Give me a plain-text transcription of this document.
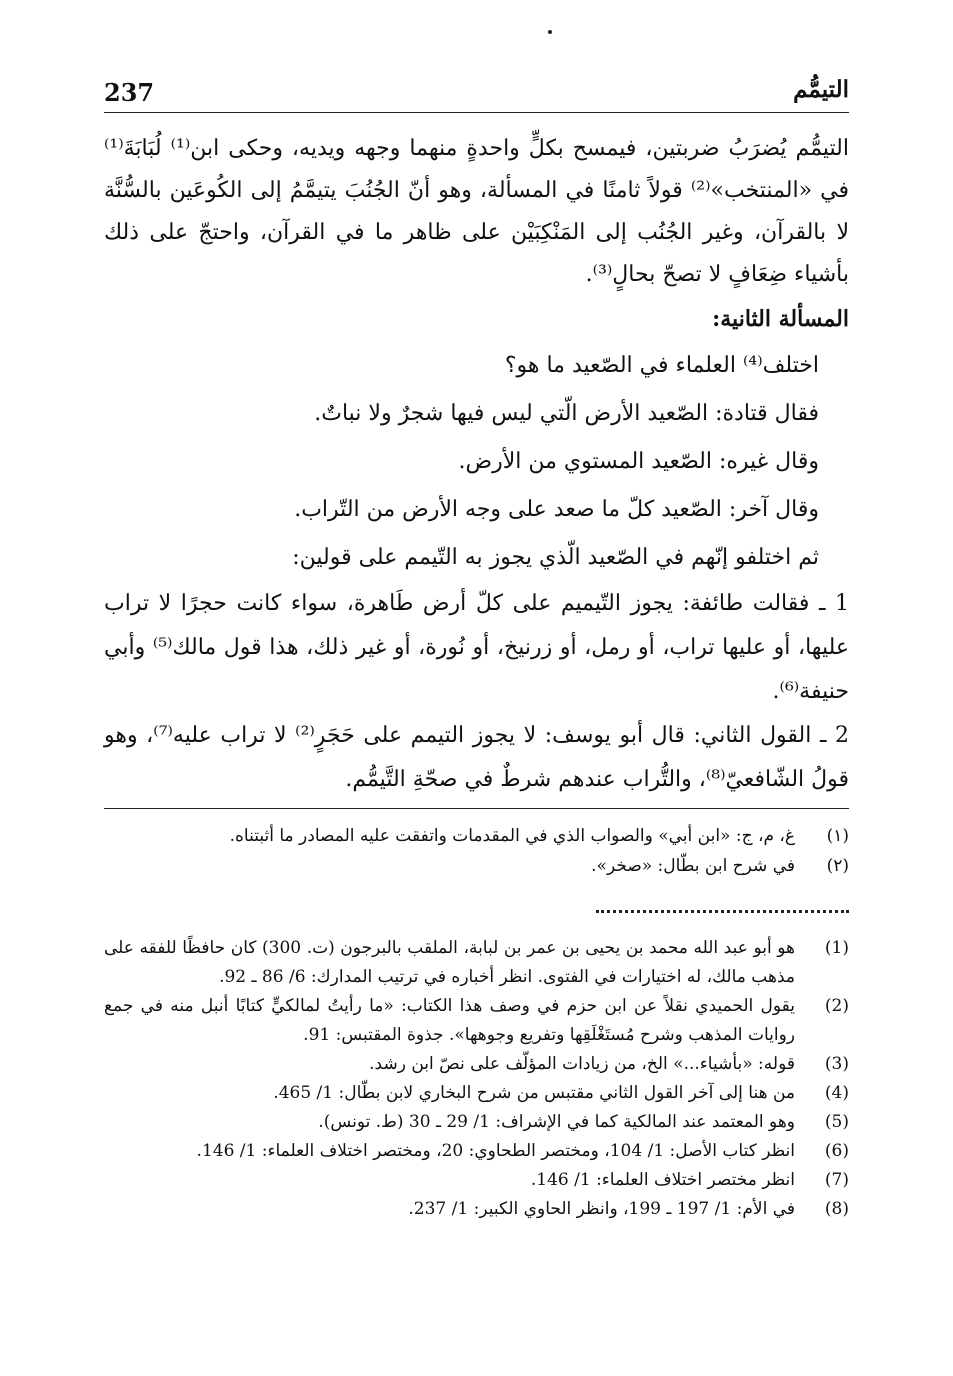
237	التيمُّم

التيمُّم يُضرَبُ ضربتين، فيمسح بكلٍّ واحدةٍ منهما وجهه ويديه، وحكى ابن⁽¹⁾ لُبَابَةَ⁽¹⁾ في «المنتخب»⁽²⁾ قولاً ثامنًا في المسألة، وهو أنّ الجُنُبَ يتيمَّمُ إلى الكُوعَين بالسُّنَّة لا بالقرآن، وغير الجُنُب إلى المَنْكِبَيْن على ظاهر ما في القرآن، واحتجّ على ذلك بأشياء ضِعَافٍ لا تصحّ بحالٍ⁽³⁾.

المسألة الثانية:

اختلف⁽⁴⁾ العلماء في الصّعيد ما هو؟

فقال قتادة: الصّعيد الأرض الّتي ليس فيها شجرٌ ولا نباتٌ.

وقال غيره: الصّعيد المستوي من الأرض.

وقال آخر: الصّعيد كلّ ما صعد على وجه الأرض من التّراب.

ثم اختلفو إنّهم في الصّعيد الّذي يجوز به التّيمم على قولين:

1 ـ فقالت طائفة: يجوز التّيميم على كلّ أرض طَاهرة، سواء كانت حجرًا لا تراب عليها، أو عليها تراب، أو رمل، أو زرنيخ، أو نُورة، أو غير ذلك، هذا قول مالك⁽⁵⁾ وأبي حنيفة⁽⁶⁾.

2 ـ القول الثاني: قال أبو يوسف: لا يجوز التيمم على حَجَرٍ⁽²⁾ لا تراب عليه⁽⁷⁾، وهو قولُ الشّافعيّ⁽⁸⁾، والتُّراب عندهم شرطٌ في صحّةِ التَّيمُّم.

(١)
غ، م، ج: «ابن أبي» والصواب الذي في المقدمات واتفقت عليه المصادر ما أثبتناه.
(٢)
في شرح ابن بطّال: «صخر».
(1)
هو أبو عبد الله محمد بن يحيى بن عمر بن لبابة، الملقب بالبرجون (ت. 300) كان حافظًا للفقه على مذهب مالك، له اختيارات في الفتوى. انظر أخباره في ترتيب المدارك: 6/ 86 ـ 92.
(2)
يقول الحميدي نقلاً عن ابن حزم في وصف هذا الكتاب: «ما رأيتُ لمالكيٍّ كتابًا أنبل منه في جمع روايات المذهب وشرح مُستَغْلَقِها وتفريع وجوهها». جذوة المقتبس: 91.
(3)
قوله: «بأشياء...» الخ، من زيادات المؤلّف على نصّ ابن رشد.
(4)
من هنا إلى آخر القول الثاني مقتبس من شرح البخاري لابن بطّال: 1/ 465.
(5)
وهو المعتمد عند المالكية كما في الإشراف: 1/ 29 ـ 30 (ط. تونس).
(6)
انظر كتاب الأصل: 1/ 104، ومختصر الطحاوي: 20، ومختصر اختلاف العلماء: 1/ 146.
(7)
انظر مختصر اختلاف العلماء: 1/ 146.
(8)
في الأم: 1/ 197 ـ 199، وانظر الحاوي الكبير: 1/ 237.
